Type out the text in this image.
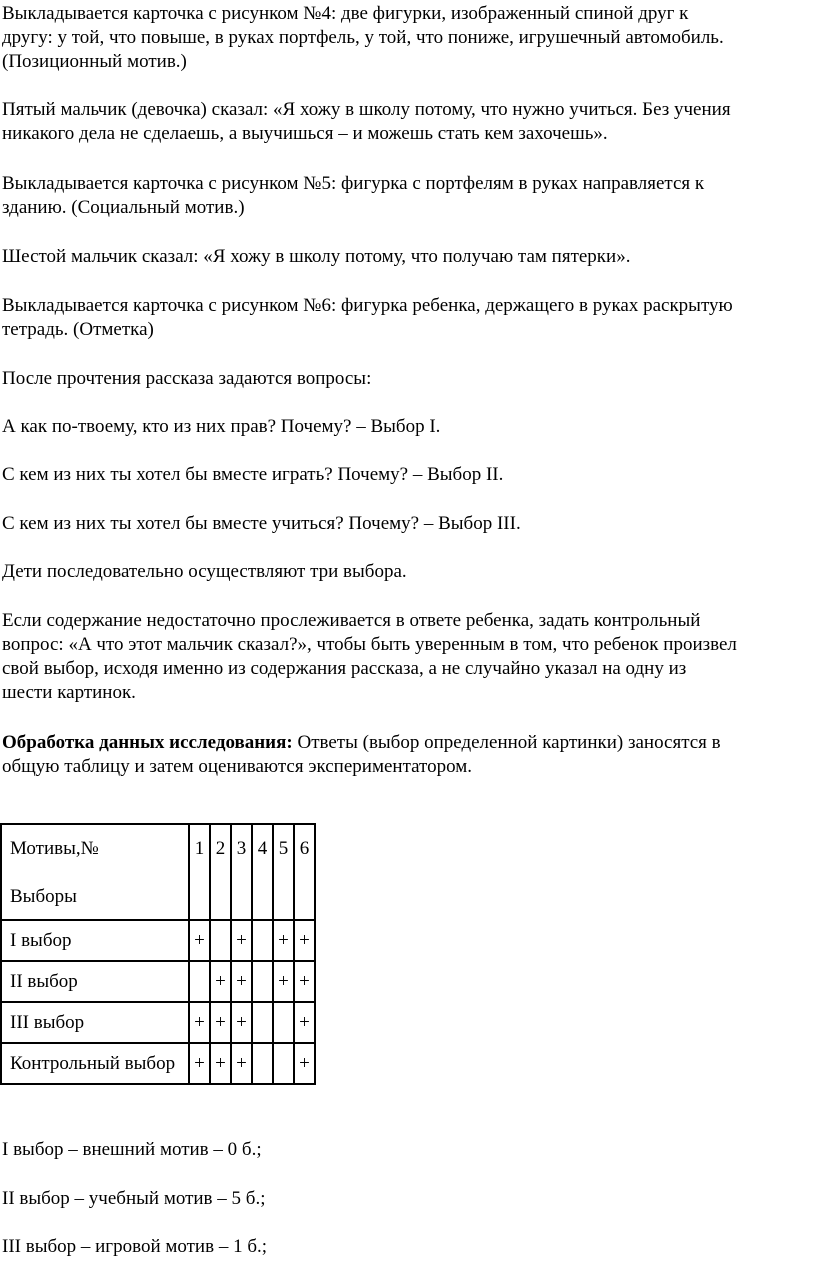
Выкладывается карточка с рисунком №4: две фигурки, изображенный спиной друг к
другу: у той, что повыше, в руках портфель, у той, что пониже, игрушечный автомобиль.
(Позиционный мотив.)

Пятый мальчик (девочка) сказал: «Я хожу в школу потому, что нужно учиться. Без учения
никакого дела не сделаешь, а выучишься – и можешь стать кем захочешь».

Выкладывается карточка с рисунком №5: фигурка с портфелям в руках направляется к
зданию. (Социальный мотив.)

Шестой мальчик сказал: «Я хожу в школу потому, что получаю там пятерки».

Выкладывается карточка с рисунком №6: фигурка ребенка, держащего в руках раскрытую
тетрадь. (Отметка)

После прочтения рассказа задаются вопросы:

А как по-твоему, кто из них прав? Почему? – Выбор I.

С кем из них ты хотел бы вместе играть? Почему? – Выбор II.

С кем из них ты хотел бы вместе учиться? Почему? – Выбор III.

Дети последовательно осуществляют три выбора.

Если содержание недостаточно прослеживается в ответе ребенка, задать контрольный
вопрос: «А что этот мальчик сказал?», чтобы быть уверенным в том, что ребенок произвел
свой выбор, исходя именно из содержания рассказа, а не случайно указал на одну из
шести картинок.

Обработка данных исследования: Ответы (выбор определенной картинки) заносятся в
общую таблицу и затем оцениваются экспериментатором.

Мотивы,№
Выборы	1	2	3	4	5	6
I выбор	+		+		+	+
II выбор		+	+		+	+
III выбор	+	+	+			+
Контрольный выбор	+	+	+			+

I выбор – внешний мотив – 0 б.;

II выбор – учебный мотив – 5 б.;

III выбор – игровой мотив – 1 б.;
